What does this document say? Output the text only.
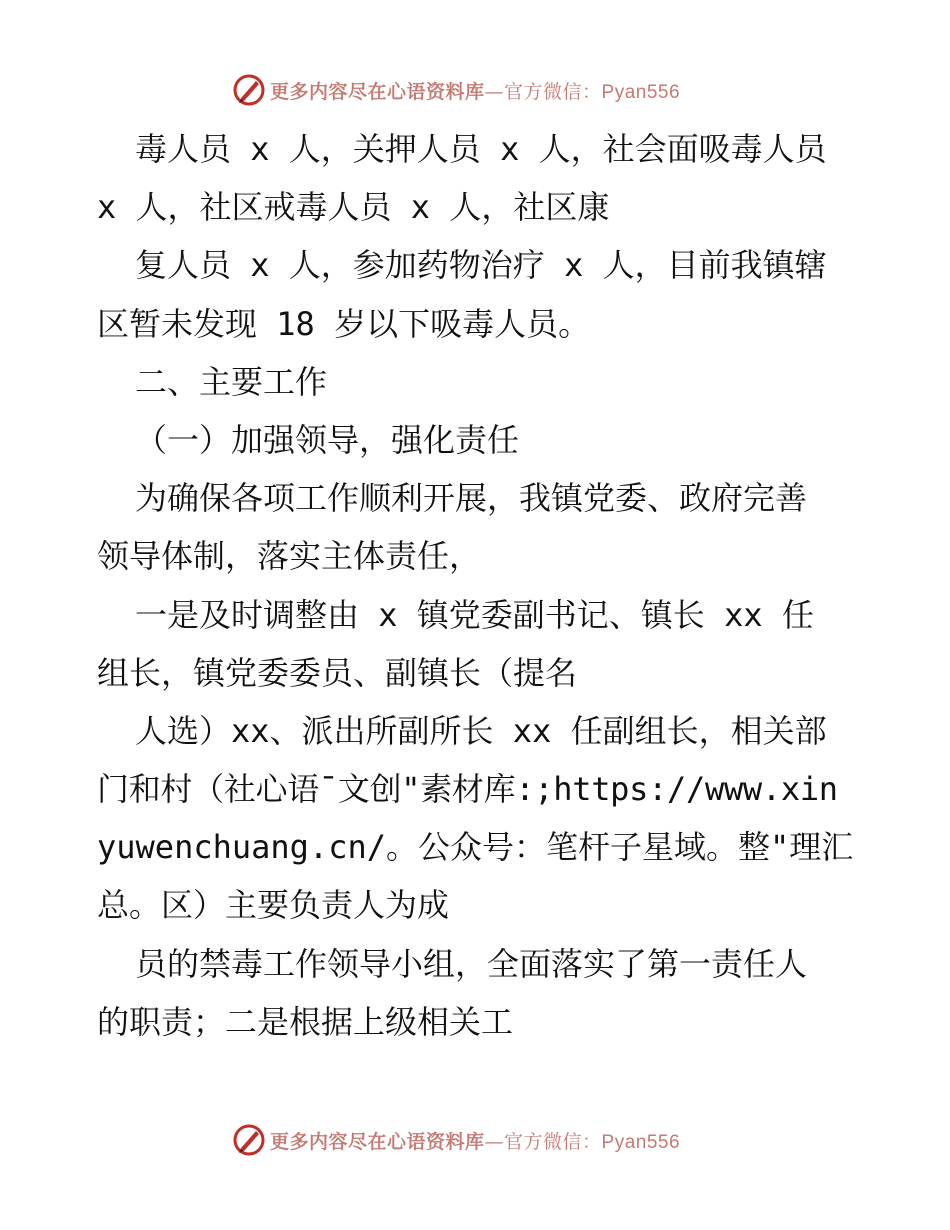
更多内容尽在心语资料库—官方微信：Pyan556
毒人员 x 人，关押人员 x 人，社会面吸毒人员
x 人，社区戒毒人员 x 人，社区康
复人员 x 人，参加药物治疗 x 人，目前我镇辖
区暂未发现 18 岁以下吸毒人员。
二、主要工作
（一）加强领导，强化责任
为确保各项工作顺利开展，我镇党委、政府完善
领导体制，落实主体责任，
一是及时调整由 x 镇党委副书记、镇长 xx 任
组长，镇党委委员、副镇长（提名
人选）xx、派出所副所长 xx 任副组长，相关部
门和村（社心语¯文创"素材库:;https://www.xin
yuwenchuang.cn/。公众号：笔杆子星域。整"理汇
总。区）主要负责人为成
员的禁毒工作领导小组，全面落实了第一责任人
的职责；二是根据上级相关工
更多内容尽在心语资料库—官方微信：Pyan556
